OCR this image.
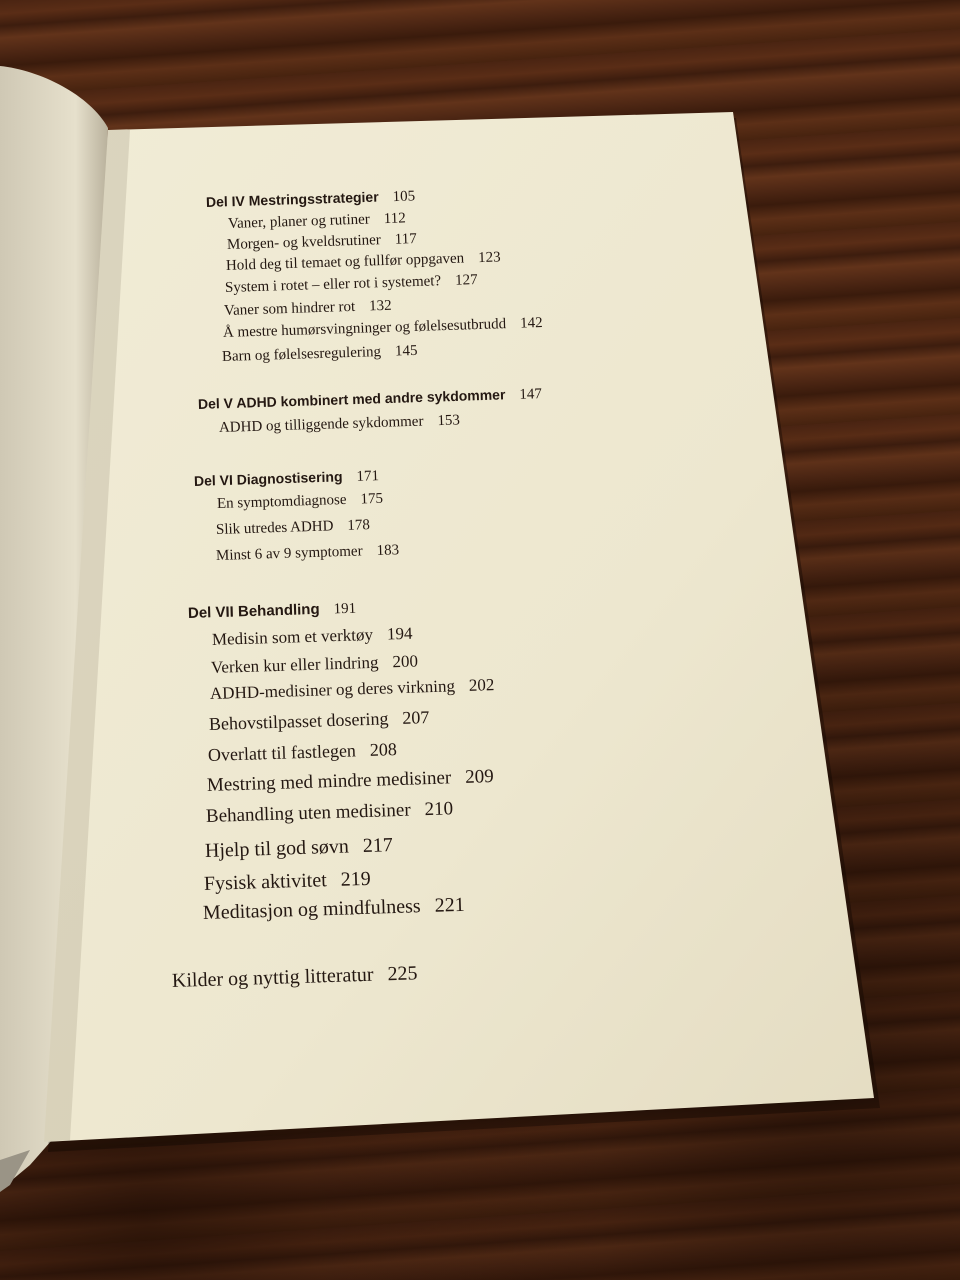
Del IV Mestringsstrategier 105
Vaner, planer og rutiner 112
Morgen- og kveldsrutiner 117
Hold deg til temaet og fullfør oppgaven 123
System i rotet – eller rot i systemet? 127
Vaner som hindrer rot 132
Å mestre humørsvingninger og følelsesutbrudd 142
Barn og følelsesregulering 145
Del V ADHD kombinert med andre sykdommer 147
ADHD og tilliggende sykdommer 153
Del VI Diagnostisering 171
En symptomdiagnose 175
Slik utredes ADHD 178
Minst 6 av 9 symptomer 183
Del VII Behandling 191
Medisin som et verktøy 194
Verken kur eller lindring 200
ADHD-medisiner og deres virkning 202
Behovstilpasset dosering 207
Overlatt til fastlegen 208
Mestring med mindre medisiner 209
Behandling uten medisiner 210
Hjelp til god søvn 217
Fysisk aktivitet 219
Meditasjon og mindfulness 221
Kilder og nyttig litteratur 225
